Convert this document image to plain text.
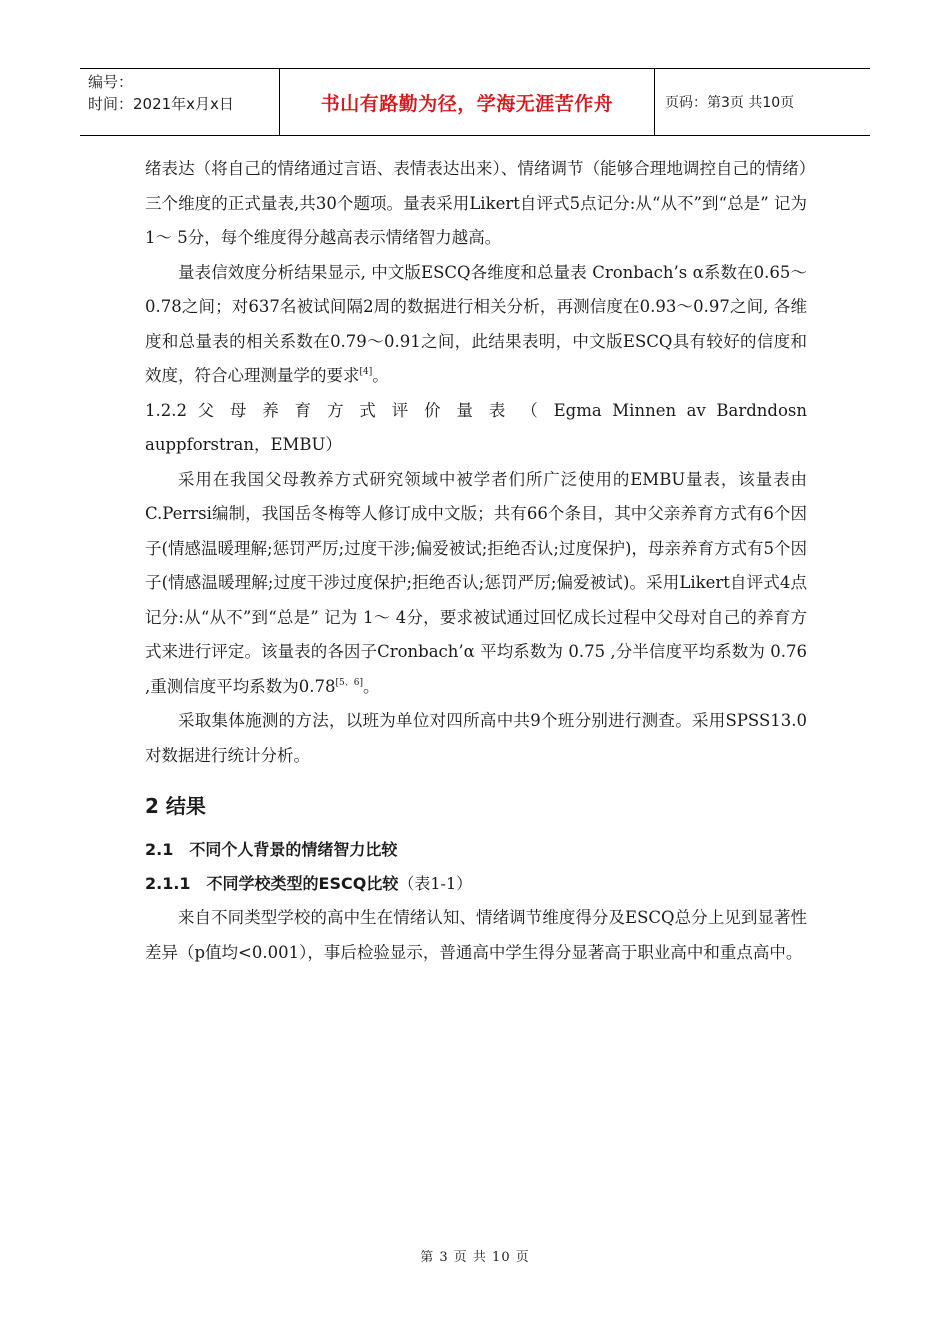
编号：
时间：2021年x月x日	书山有路勤为径，学海无涯苦作舟	页码：第3页 共10页

绪表达（将自己的情绪通过言语、表情表达出来）、情绪调节（能够合理地调控自己的情绪）三个维度的正式量表,共30个题项。量表采用Likert自评式5点记分:从“从不”到“总是” 记为 1～ 5分，每个维度得分越高表示情绪智力越高。

量表信效度分析结果显示, 中文版ESCQ各维度和总量表 Cronbach’s α系数在0.65～0.78之间；对637名被试间隔2周的数据进行相关分析，再测信度在0.93～0.97之间, 各维度和总量表的相关系数在0.79～0.91之间，此结果表明，中文版ESCQ具有较好的信度和效度，符合心理测量学的要求[4]。

1.2.2 父 母 养 育 方 式 评 价 量 表 （ Egma Minnen av Bardndosn

auppforstran，EMBU）

采用在我国父母教养方式研究领域中被学者们所广泛使用的EMBU量表，该量表由C.Perrsi编制，我国岳冬梅等人修订成中文版；共有66个条目，其中父亲养育方式有6个因子(情感温暖理解;惩罚严厉;过度干涉;偏爱被试;拒绝否认;过度保护)，母亲养育方式有5个因子(情感温暖理解;过度干涉过度保护;拒绝否认;惩罚严厉;偏爱被试)。采用Likert自评式4点记分:从“从不”到“总是” 记为 1～ 4分，要求被试通过回忆成长过程中父母对自己的养育方式来进行评定。该量表的各因子Cronbach’α 平均系数为 0.75 ,分半信度平均系数为 0.76 ,重测信度平均系数为0.78[5、6]。

采取集体施测的方法，以班为单位对四所高中共9个班分别进行测查。采用SPSS13.0对数据进行统计分析。

2 结果
2.1　不同个人背景的情绪智力比较
2.1.1　不同学校类型的ESCQ比较（表1-1）

来自不同类型学校的高中生在情绪认知、情绪调节维度得分及ESCQ总分上见到显著性差异（p值均<0.001），事后检验显示，普通高中学生得分显著高于职业高中和重点高中。

第 3 页 共 10 页
